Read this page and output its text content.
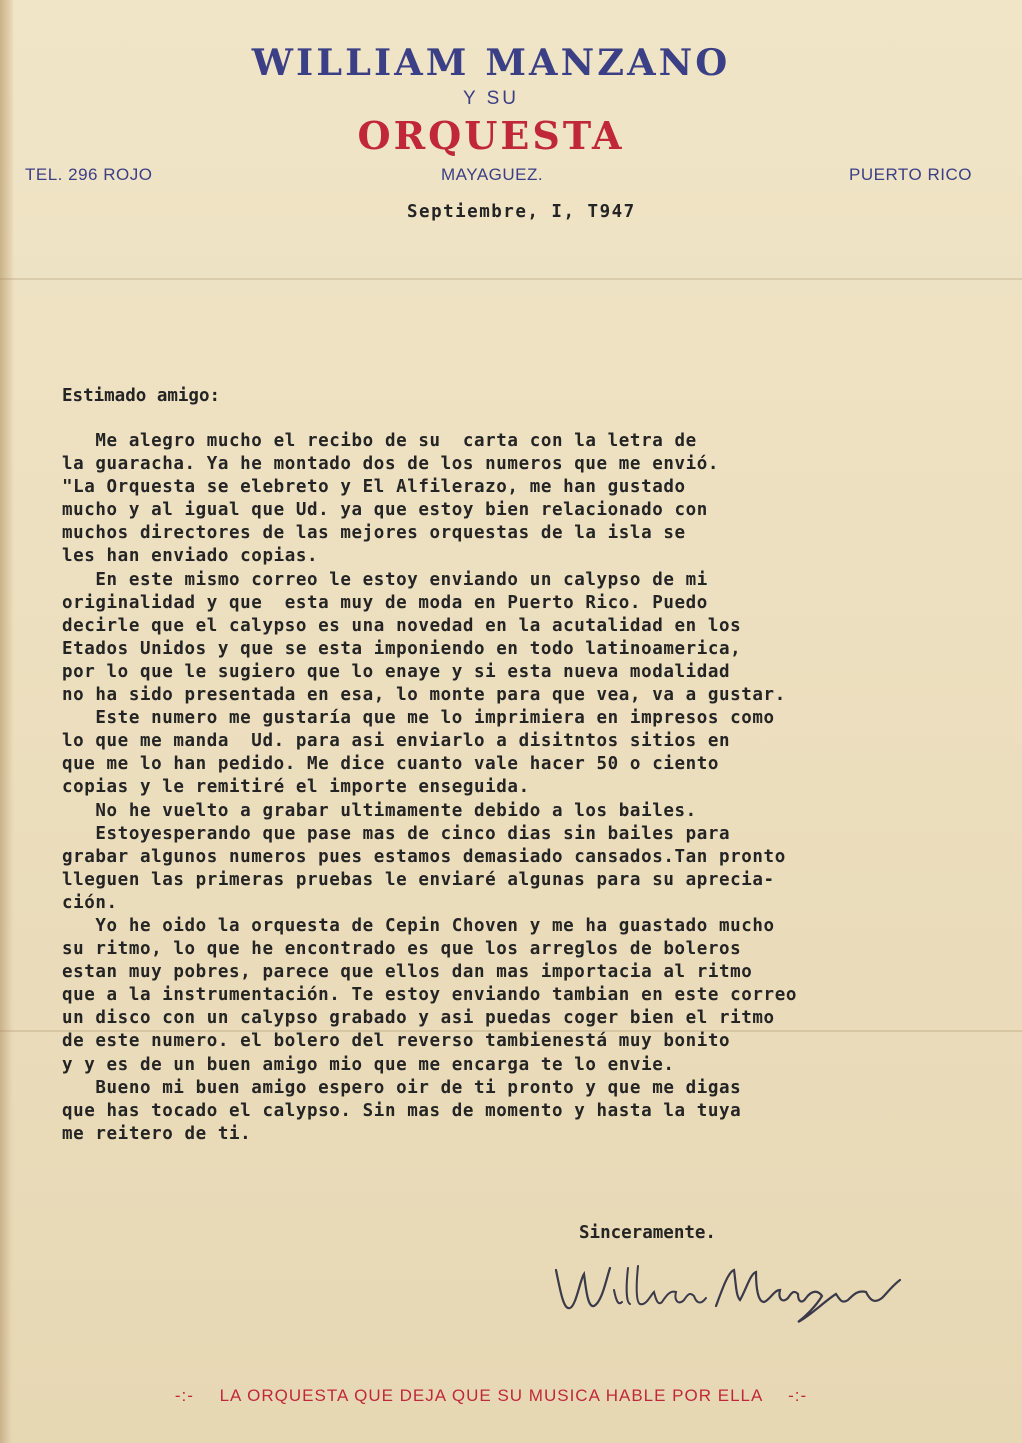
WILLIAM MANZANO
Y SU
ORQUESTA
TEL. 296 ROJO	MAYAGUEZ.	PUERTO RICO
Septiembre, I, T947
Estimado amigo:
Me alegro mucho el recibo de su  carta con la letra de
la guaracha. Ya he montado dos de los numeros que me envió.
"La Orquesta se elebreto y El Alfilerazo, me han gustado
mucho y al igual que Ud. ya que estoy bien relacionado con
muchos directores de las mejores orquestas de la isla se
les han enviado copias.
En este mismo correo le estoy enviando un calypso de mi
originalidad y que  esta muy de moda en Puerto Rico. Puedo
decirle que el calypso es una novedad en la acutalidad en los
Etados Unidos y que se esta imponiendo en todo latinoamerica,
por lo que le sugiero que lo enaye y si esta nueva modalidad
no ha sido presentada en esa, lo monte para que vea, va a gustar.
Este numero me gustaría que me lo imprimiera en impresos como
lo que me manda  Ud. para asi enviarlo a disitntos sitios en
que me lo han pedido. Me dice cuanto vale hacer 50 o ciento
copias y le remitiré el importe enseguida.
No he vuelto a grabar ultimamente debido a los bailes.
Estoyesperando que pase mas de cinco dias sin bailes para
grabar algunos numeros pues estamos demasiado cansados.Tan pronto
lleguen las primeras pruebas le enviaré algunas para su aprecia-
ción.
Yo he oido la orquesta de Cepin Choven y me ha guastado mucho
su ritmo, lo que he encontrado es que los arreglos de boleros
estan muy pobres, parece que ellos dan mas importacia al ritmo
que a la instrumentación. Te estoy enviando tambian en este correo
un disco con un calypso grabado y asi puedas coger bien el ritmo
de este numero. el bolero del reverso tambienestá muy bonito
y y es de un buen amigo mio que me encarga te lo envie.
Bueno mi buen amigo espero oir de ti pronto y que me digas
que has tocado el calypso. Sin mas de momento y hasta la tuya
me reitero de ti.
Sinceramente.
-:- LA ORQUESTA QUE DEJA QUE SU MUSICA HABLE POR ELLA -:-
